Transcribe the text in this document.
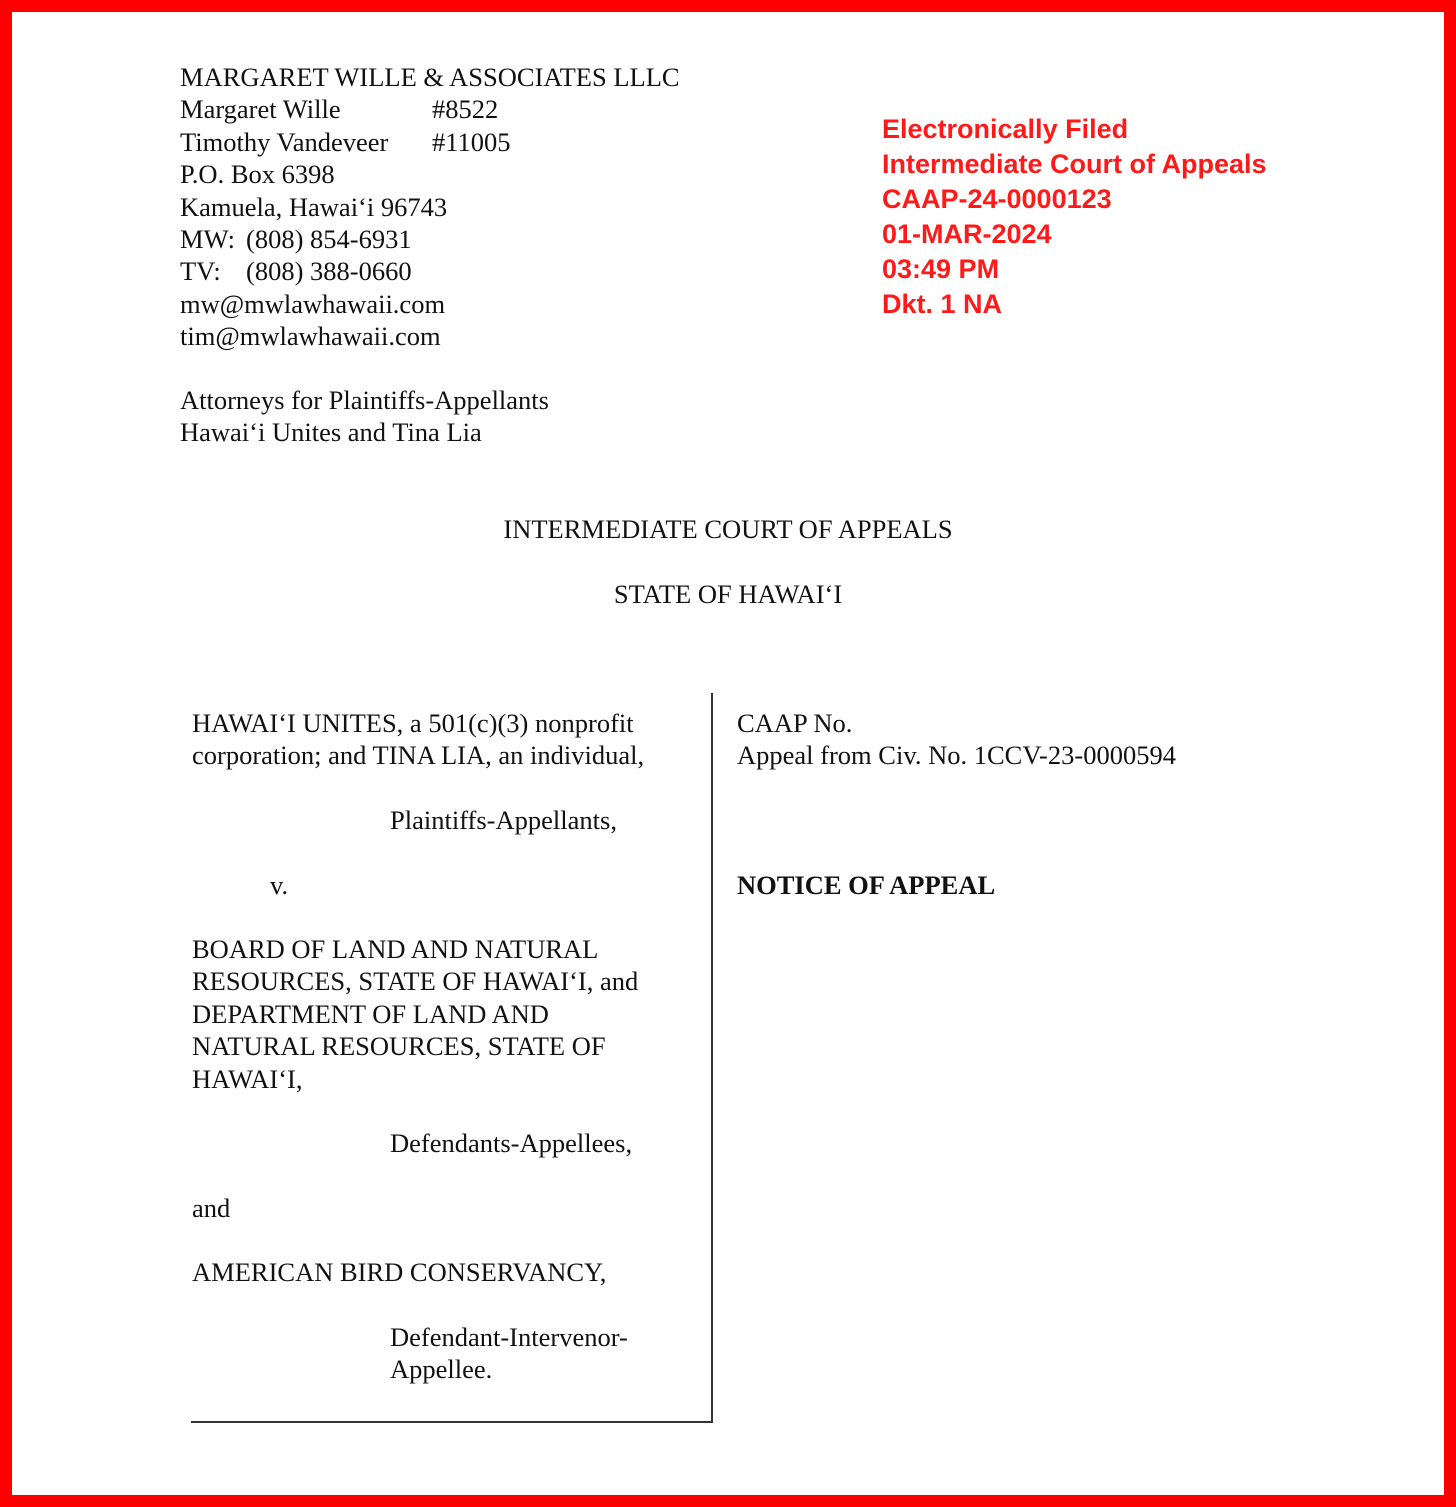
MARGARET WILLE & ASSOCIATES LLLC
Margaret Wille	#8522
Timothy Vandeveer #11005
P.O. Box 6398
Kamuela, Hawai‘i 96743
MW: (808) 854-6931
TV: (808) 388-0660
mw@mwlawhawaii.com
tim@mwlawhawaii.com
Attorneys for Plaintiffs-Appellants
Hawai‘i Unites and Tina Lia
Electronically Filed
Intermediate Court of Appeals
CAAP-24-0000123
01-MAR-2024
03:49 PM
Dkt. 1 NA
INTERMEDIATE COURT OF APPEALS
STATE OF HAWAI‘I
HAWAI‘I UNITES, a 501(c)(3) nonprofit
corporation; and TINA LIA, an individual,
Plaintiffs-Appellants,
v.
BOARD OF LAND AND NATURAL
RESOURCES, STATE OF HAWAI‘I, and
DEPARTMENT OF LAND AND
NATURAL RESOURCES, STATE OF
HAWAI‘I,
Defendants-Appellees,
and
AMERICAN BIRD CONSERVANCY,
Defendant-Intervenor-
Appellee.
CAAP No.
Appeal from Civ. No. 1CCV-23-0000594
NOTICE OF APPEAL
